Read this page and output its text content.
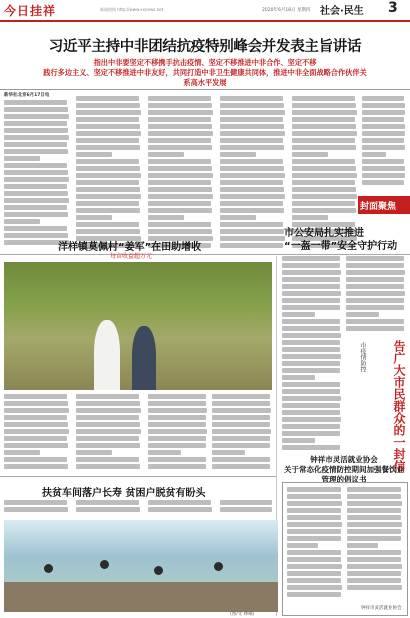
今日挂祥	新闻热线 http://www.xxnews.net	2020年6月18日 星期四 社会·民生 3
习近平主持中非团结抗疫特别峰会并发表主旨讲话
指出中非要坚定不移携手抗击疫情、坚定不移推进中非合作、坚定不移
践行多边主义、坚定不移推进中非友好，共同打造中非卫生健康共同体，推进中非全面战略合作伙伴关系高水平发展
新华社北京6月17日电
封面聚焦
洋样镇莫佩村“姜军”在田助增收
每亩收益超万元
市公安局扎实推进
“一盔一带”安全守护行动
市疫情防控	告广大市民群众的一封信
扶贫车间落户长寿 贫困户脱贫有盼头
(图/文 林曦)
钟祥市灵活就业协会
关于常态化疫情防控期间加强餐饮业管理的倡议书
钟祥市灵活就业协会
